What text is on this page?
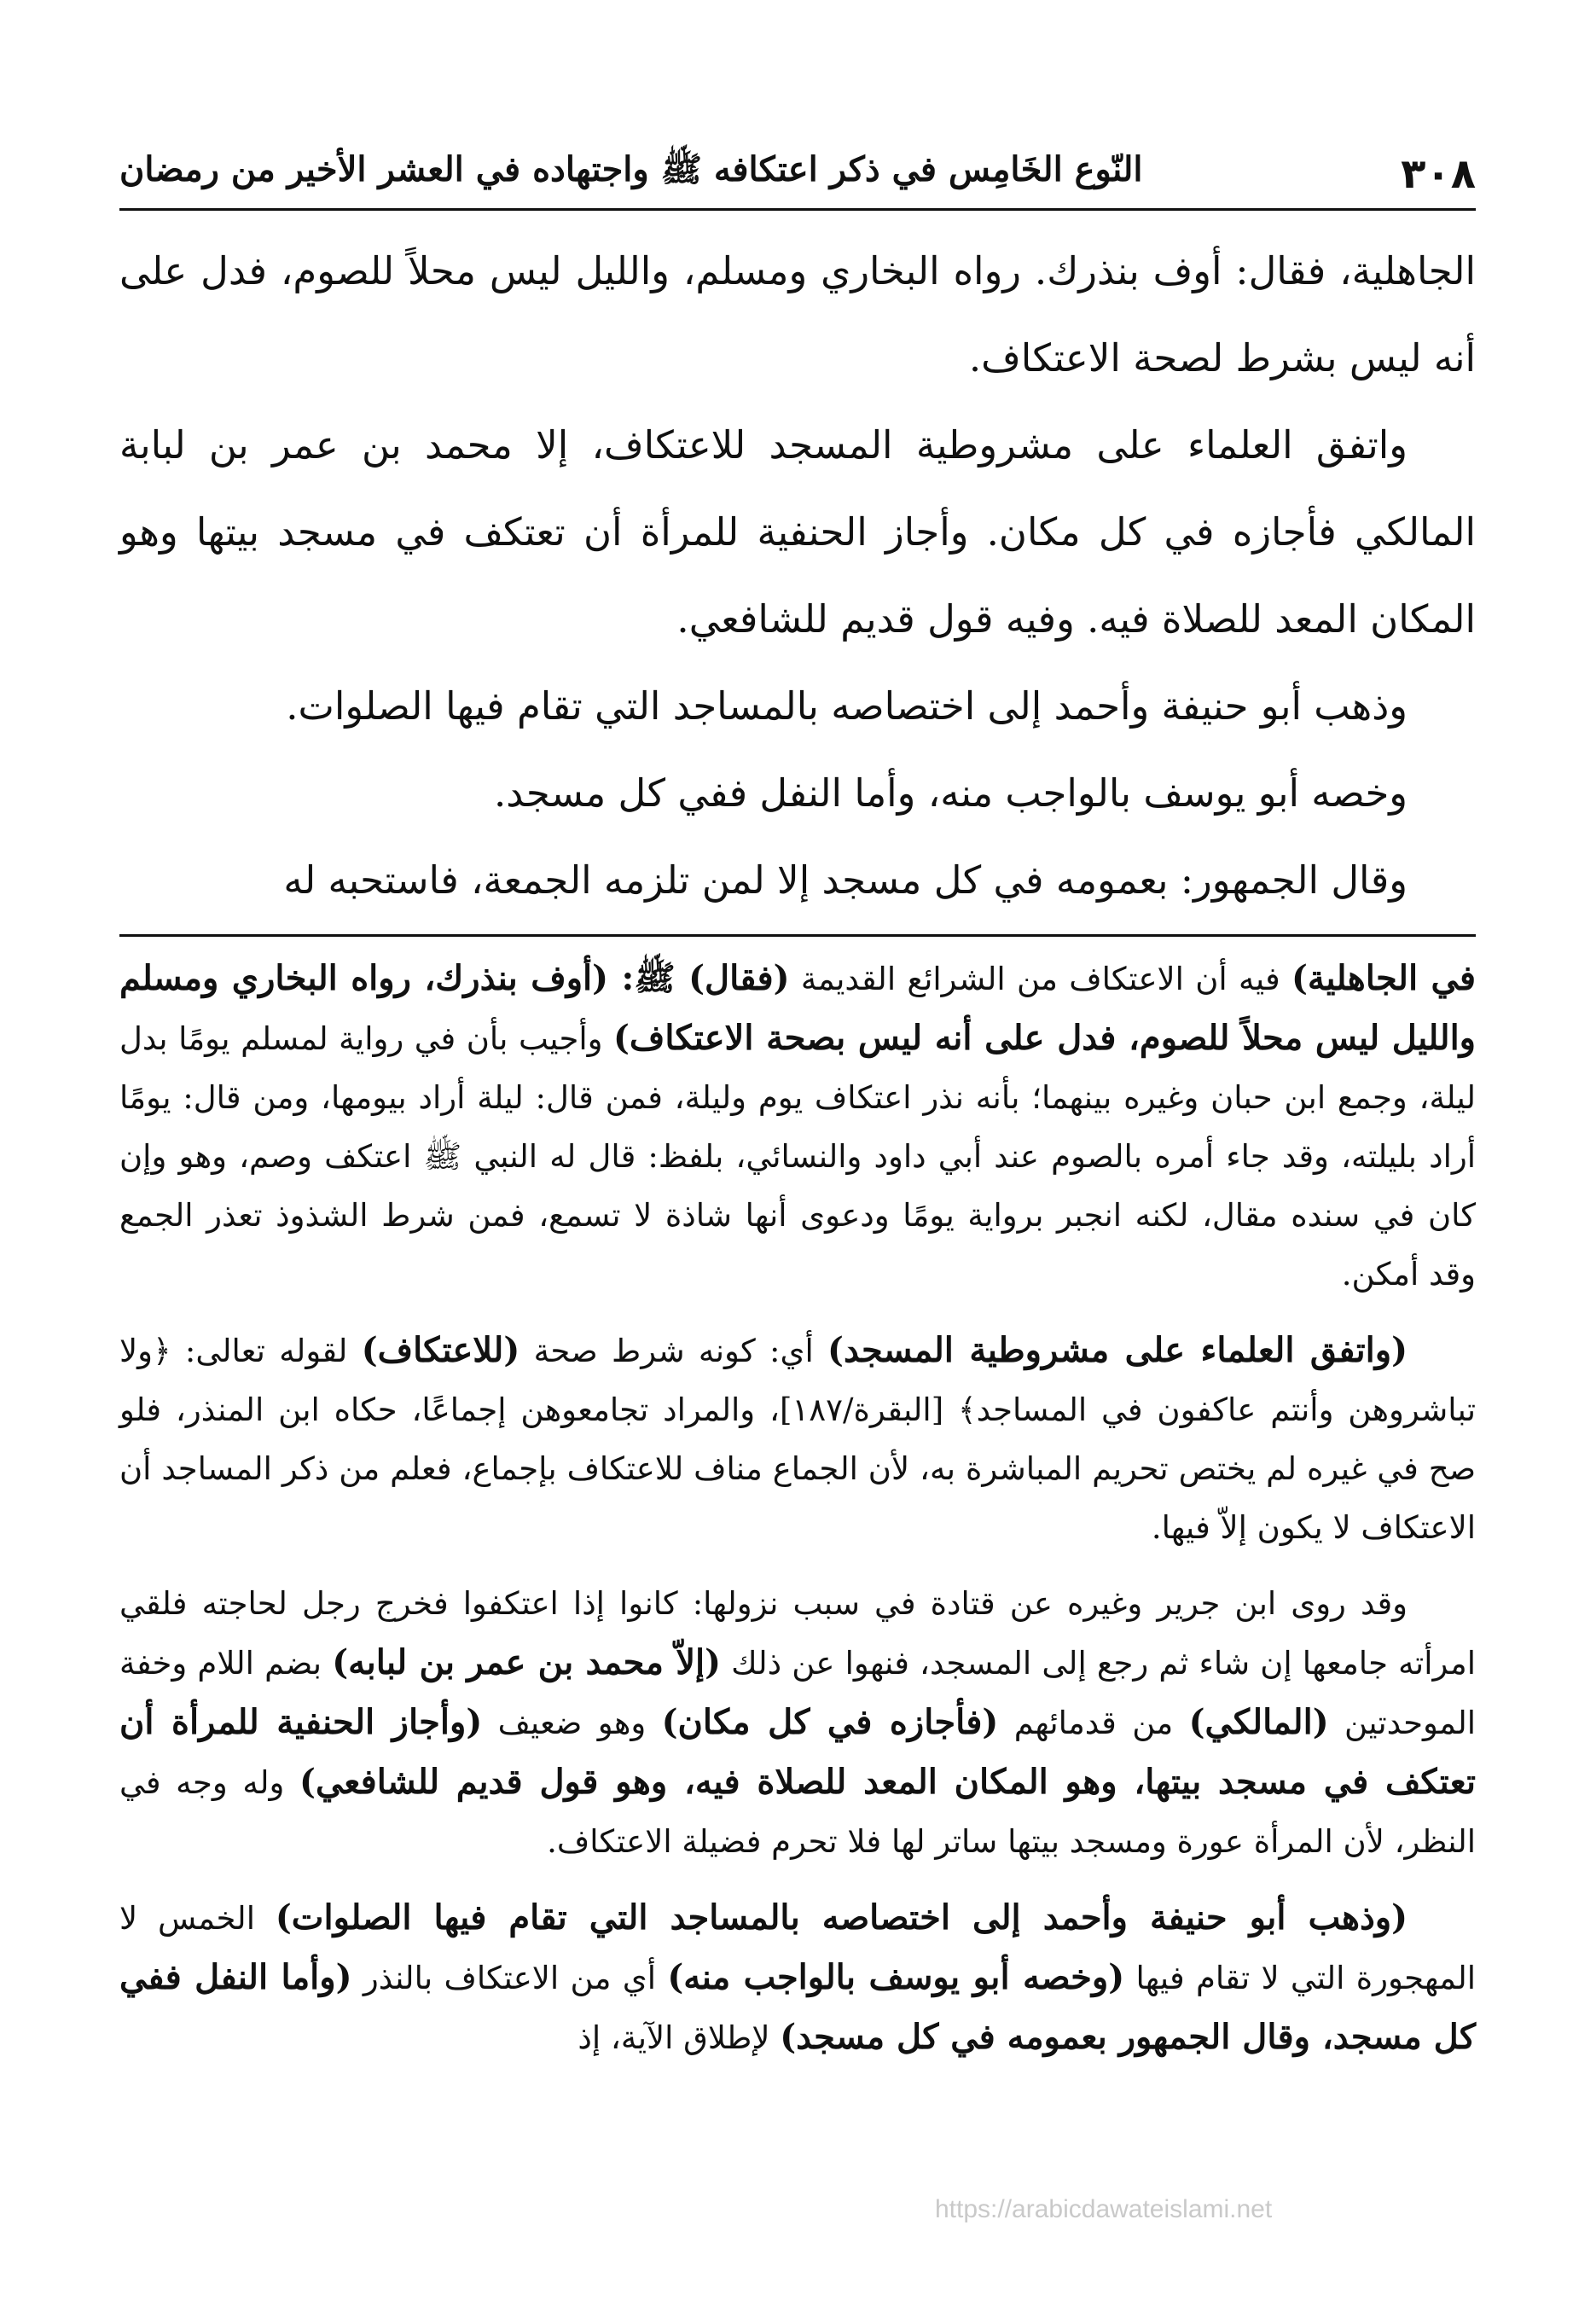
٣٠٨
النّوع الخَامِس في ذكر اعتكافه ﷺ واجتهاده في العشر الأخير من رمضان

الجاهلية، فقال: أوف بنذرك. رواه البخاري ومسلم، والليل ليس محلاً للصوم، فدل على أنه ليس بشرط لصحة الاعتكاف.

واتفق العلماء على مشروطية المسجد للاعتكاف، إلا محمد بن عمر بن لبابة المالكي فأجازه في كل مكان. وأجاز الحنفية للمرأة أن تعتكف في مسجد بيتها وهو المكان المعد للصلاة فيه. وفيه قول قديم للشافعي.

وذهب أبو حنيفة وأحمد إلى اختصاصه بالمساجد التي تقام فيها الصلوات.

وخصه أبو يوسف بالواجب منه، وأما النفل ففي كل مسجد.

وقال الجمهور: بعمومه في كل مسجد إلا لمن تلزمه الجمعة، فاستحبه له

في الجاهلية) فيه أن الاعتكاف من الشرائع القديمة (فقال) ﷺ: (أوف بنذرك، رواه البخاري ومسلم والليل ليس محلاً للصوم، فدل على أنه ليس بصحة الاعتكاف) وأجيب بأن في رواية لمسلم يومًا بدل ليلة، وجمع ابن حبان وغيره بينهما؛ بأنه نذر اعتكاف يوم وليلة، فمن قال: ليلة أراد بيومها، ومن قال: يومًا أراد بليلته، وقد جاء أمره بالصوم عند أبي داود والنسائي، بلفظ: قال له النبي ﷺ اعتكف وصم، وهو وإن كان في سنده مقال، لكنه انجبر برواية يومًا ودعوى أنها شاذة لا تسمع، فمن شرط الشذوذ تعذر الجمع وقد أمكن.

(واتفق العلماء على مشروطية المسجد) أي: كونه شرط صحة (للاعتكاف) لقوله تعالى: ﴿ولا تباشروهن وأنتم عاكفون في المساجد﴾ [البقرة/١٨٧]، والمراد تجامعوهن إجماعًا، حكاه ابن المنذر، فلو صح في غيره لم يختص تحريم المباشرة به، لأن الجماع مناف للاعتكاف بإجماع، فعلم من ذكر المساجد أن الاعتكاف لا يكون إلاّ فيها.

وقد روى ابن جرير وغيره عن قتادة في سبب نزولها: كانوا إذا اعتكفوا فخرج رجل لحاجته فلقي امرأته جامعها إن شاء ثم رجع إلى المسجد، فنهوا عن ذلك (إلاّ محمد بن عمر بن لبابه) بضم اللام وخفة الموحدتين (المالكي) من قدمائهم (فأجازه في كل مكان) وهو ضعيف (وأجاز الحنفية للمرأة أن تعتكف في مسجد بيتها، وهو المكان المعد للصلاة فيه، وهو قول قديم للشافعي) وله وجه في النظر، لأن المرأة عورة ومسجد بيتها ساتر لها فلا تحرم فضيلة الاعتكاف.

(وذهب أبو حنيفة وأحمد إلى اختصاصه بالمساجد التي تقام فيها الصلوات) الخمس لا المهجورة التي لا تقام فيها (وخصه أبو يوسف بالواجب منه) أي من الاعتكاف بالنذر (وأما النفل ففي كل مسجد، وقال الجمهور بعمومه في كل مسجد) لإطلاق الآية، إذ

https://arabicdawateislami.net
